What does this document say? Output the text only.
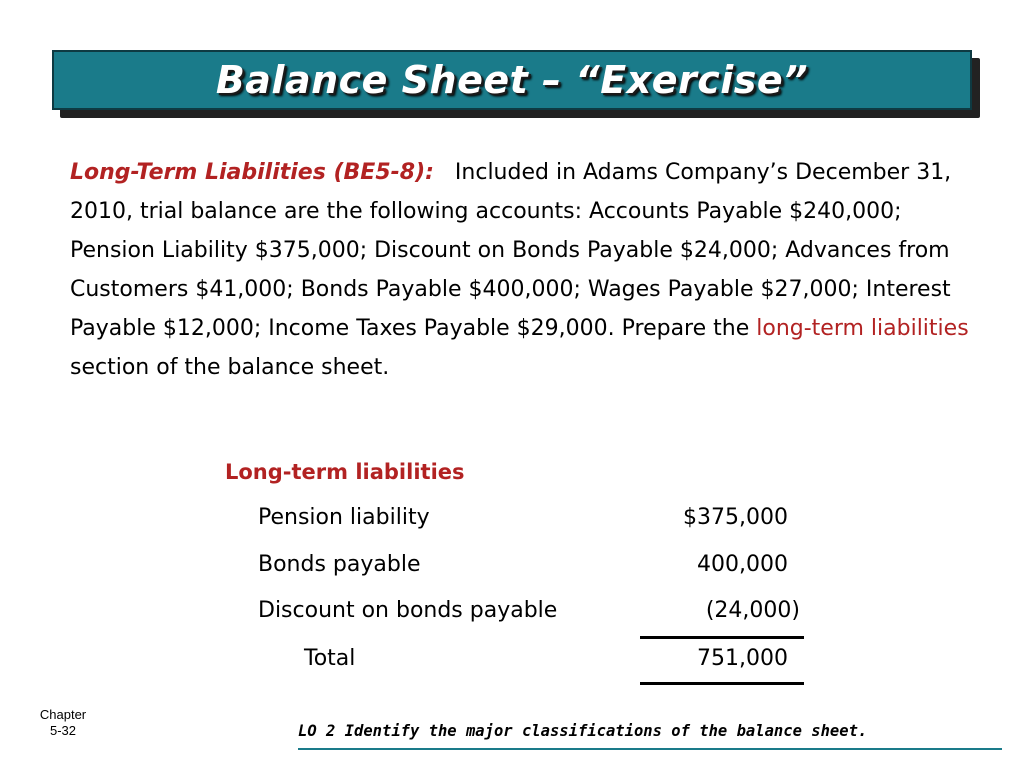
Balance Sheet – “Exercise”
Long-Term Liabilities (BE5-8): Included in Adams Company’s December 31, 2010, trial balance are the following accounts: Accounts Payable $240,000; Pension Liability $375,000; Discount on Bonds Payable $24,000; Advances from Customers $41,000; Bonds Payable $400,000; Wages Payable $27,000; Interest Payable $12,000; Income Taxes Payable $29,000. Prepare the long-term liabilities section of the balance sheet.
Long-term liabilities
Pension liability	$375,000
Bonds payable	400,000
Discount on bonds payable	(24,000)
Total	751,000
Chapter
5-32	LO 2 Identify the major classifications of the balance sheet.
